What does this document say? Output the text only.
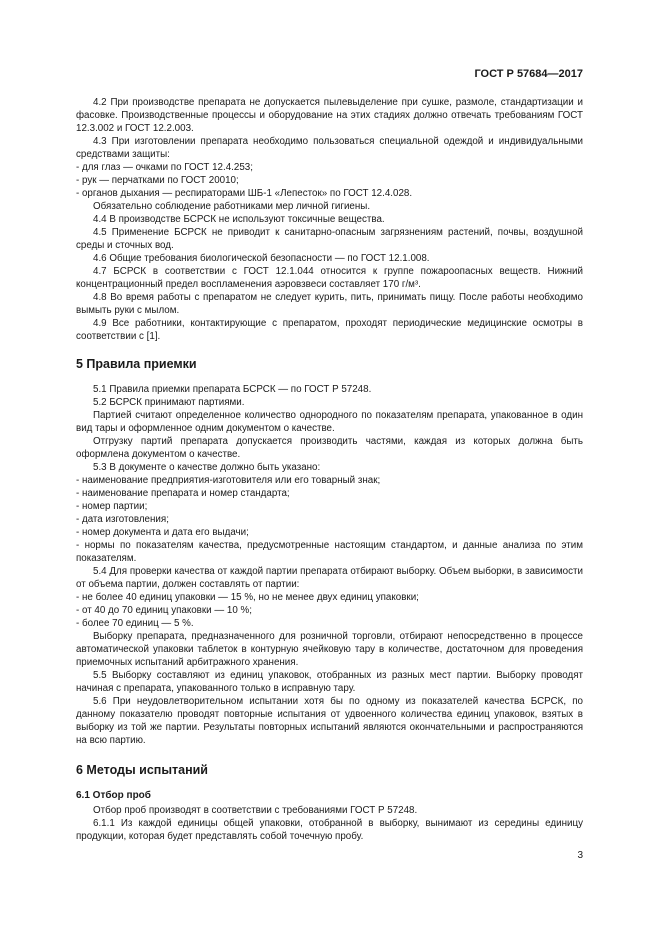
ГОСТ Р 57684—2017

4.2 При производстве препарата не допускается пылевыделение при сушке, размоле, стандартизации и фасовке. Производственные процессы и оборудование на этих стадиях должно отвечать требованиям ГОСТ 12.3.002 и ГОСТ 12.2.003.

4.3 При изготовлении препарата необходимо пользоваться специальной одеждой и индивидуальными средствами защиты:

- для глаз — очками по ГОСТ 12.4.253;

- рук — перчатками по ГОСТ 20010;

- органов дыхания — респираторами ШБ-1 «Лепесток» по ГОСТ 12.4.028.

Обязательно соблюдение работниками мер личной гигиены.

4.4 В производстве БСРСК не используют токсичные вещества.

4.5 Применение БСРСК не приводит к санитарно-опасным загрязнениям растений, почвы, воздушной среды и сточных вод.

4.6 Общие требования биологической безопасности — по ГОСТ 12.1.008.

4.7 БСРСК в соответствии с ГОСТ 12.1.044 относится к группе пожароопасных веществ. Нижний концентрационный предел воспламенения аэровзвеси составляет 170 г/м³.

4.8 Во время работы с препаратом не следует курить, пить, принимать пищу. После работы необходимо вымыть руки с мылом.

4.9 Все работники, контактирующие с препаратом, проходят периодические медицинские осмотры в соответствии с [1].

5 Правила приемки

5.1 Правила приемки препарата БСРСК — по ГОСТ Р 57248.

5.2 БСРСК принимают партиями.

Партией считают определенное количество однородного по показателям препарата, упакованное в один вид тары и оформленное одним документом о качестве.

Отгрузку партий препарата допускается производить частями, каждая из которых должна быть оформлена документом о качестве.

5.3 В документе о качестве должно быть указано:

- наименование предприятия-изготовителя или его товарный знак;

- наименование препарата и номер стандарта;

- номер партии;

- дата изготовления;

- номер документа и дата его выдачи;

- нормы по показателям качества, предусмотренные настоящим стандартом, и данные анализа по этим показателям.

5.4 Для проверки качества от каждой партии препарата отбирают выборку. Объем выборки, в зависимости от объема партии, должен составлять от партии:

- не более 40 единиц упаковки — 15 %, но не менее двух единиц упаковки;

- от 40 до 70 единиц упаковки — 10 %;

- более 70 единиц — 5 %.

Выборку препарата, предназначенного для розничной торговли, отбирают непосредственно в процессе автоматической упаковки таблеток в контурную ячейковую тару в количестве, достаточном для проведения приемочных испытаний арбитражного хранения.

5.5 Выборку составляют из единиц упаковок, отобранных из разных мест партии. Выборку проводят начиная с препарата, упакованного только в исправную тару.

5.6 При неудовлетворительном испытании хотя бы по одному из показателей качества БСРСК, по данному показателю проводят повторные испытания от удвоенного количества единиц упаковок, взятых в выборку из той же партии. Результаты повторных испытаний являются окончательными и распространяются на всю партию.

6 Методы испытаний
6.1 Отбор проб

Отбор проб производят в соответствии с требованиями ГОСТ Р 57248.

6.1.1 Из каждой единицы общей упаковки, отобранной в выборку, вынимают из середины единицу продукции, которая будет представлять собой точечную пробу.

3
